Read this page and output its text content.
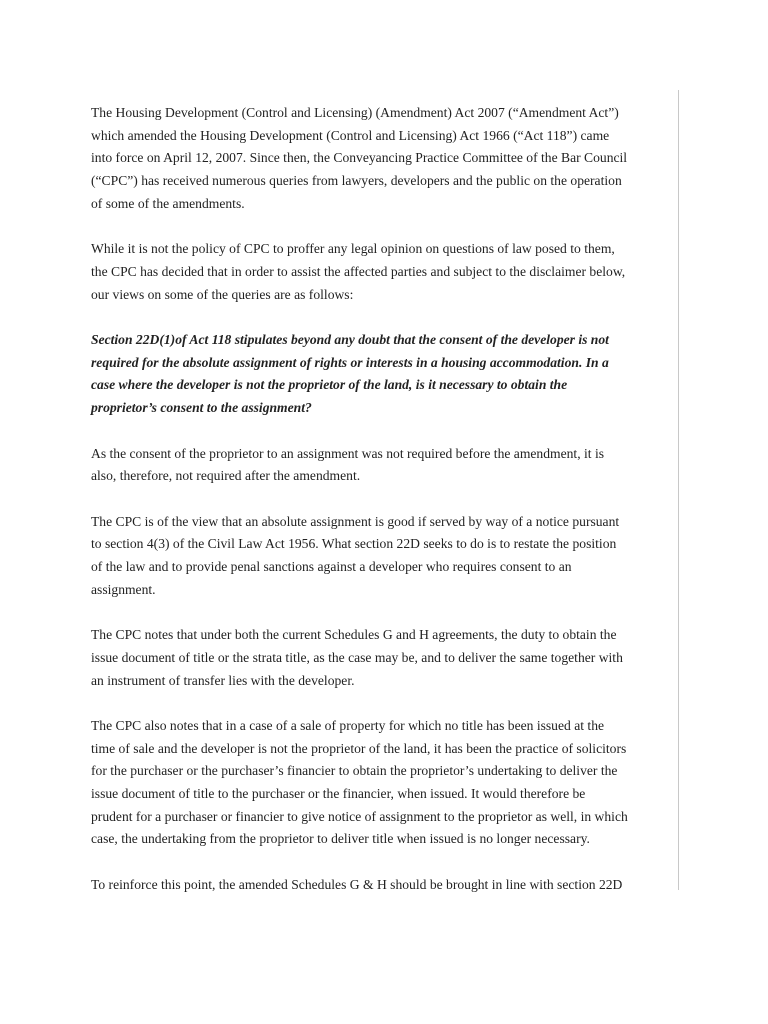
The Housing Development (Control and Licensing) (Amendment) Act 2007 (“Amendment Act”)
which amended the Housing Development (Control and Licensing) Act 1966 (“Act 118”) came
into force on April 12, 2007. Since then, the Conveyancing Practice Committee of the Bar Council
(“CPC”) has received numerous queries from lawyers, developers and the public on the operation
of some of the amendments.

While it is not the policy of CPC to proffer any legal opinion on questions of law posed to them,
the CPC has decided that in order to assist the affected parties and subject to the disclaimer below,
our views on some of the queries are as follows:

Section 22D(1)of Act 118 stipulates beyond any doubt that the consent of the developer is not
required for the absolute assignment of rights or interests in a housing accommodation. In a
case where the developer is not the proprietor of the land, is it necessary to obtain the
proprietor’s consent to the assignment?

As the consent of the proprietor to an assignment was not required before the amendment, it is
also, therefore, not required after the amendment.

The CPC is of the view that an absolute assignment is good if served by way of a notice pursuant
to section 4(3) of the Civil Law Act 1956. What section 22D seeks to do is to restate the position
of the law and to provide penal sanctions against a developer who requires consent to an
assignment.

The CPC notes that under both the current Schedules G and H agreements, the duty to obtain the
issue document of title or the strata title, as the case may be, and to deliver the same together with
an instrument of transfer lies with the developer.

The CPC also notes that in a case of a sale of property for which no title has been issued at the
time of sale and the developer is not the proprietor of the land, it has been the practice of solicitors
for the purchaser or the purchaser’s financier to obtain the proprietor’s undertaking to deliver the
issue document of title to the purchaser or the financier, when issued. It would therefore be
prudent for a purchaser or financier to give notice of assignment to the proprietor as well, in which
case, the undertaking from the proprietor to deliver title when issued is no longer necessary.

To reinforce this point, the amended Schedules G & H should be brought in line with section 22D
